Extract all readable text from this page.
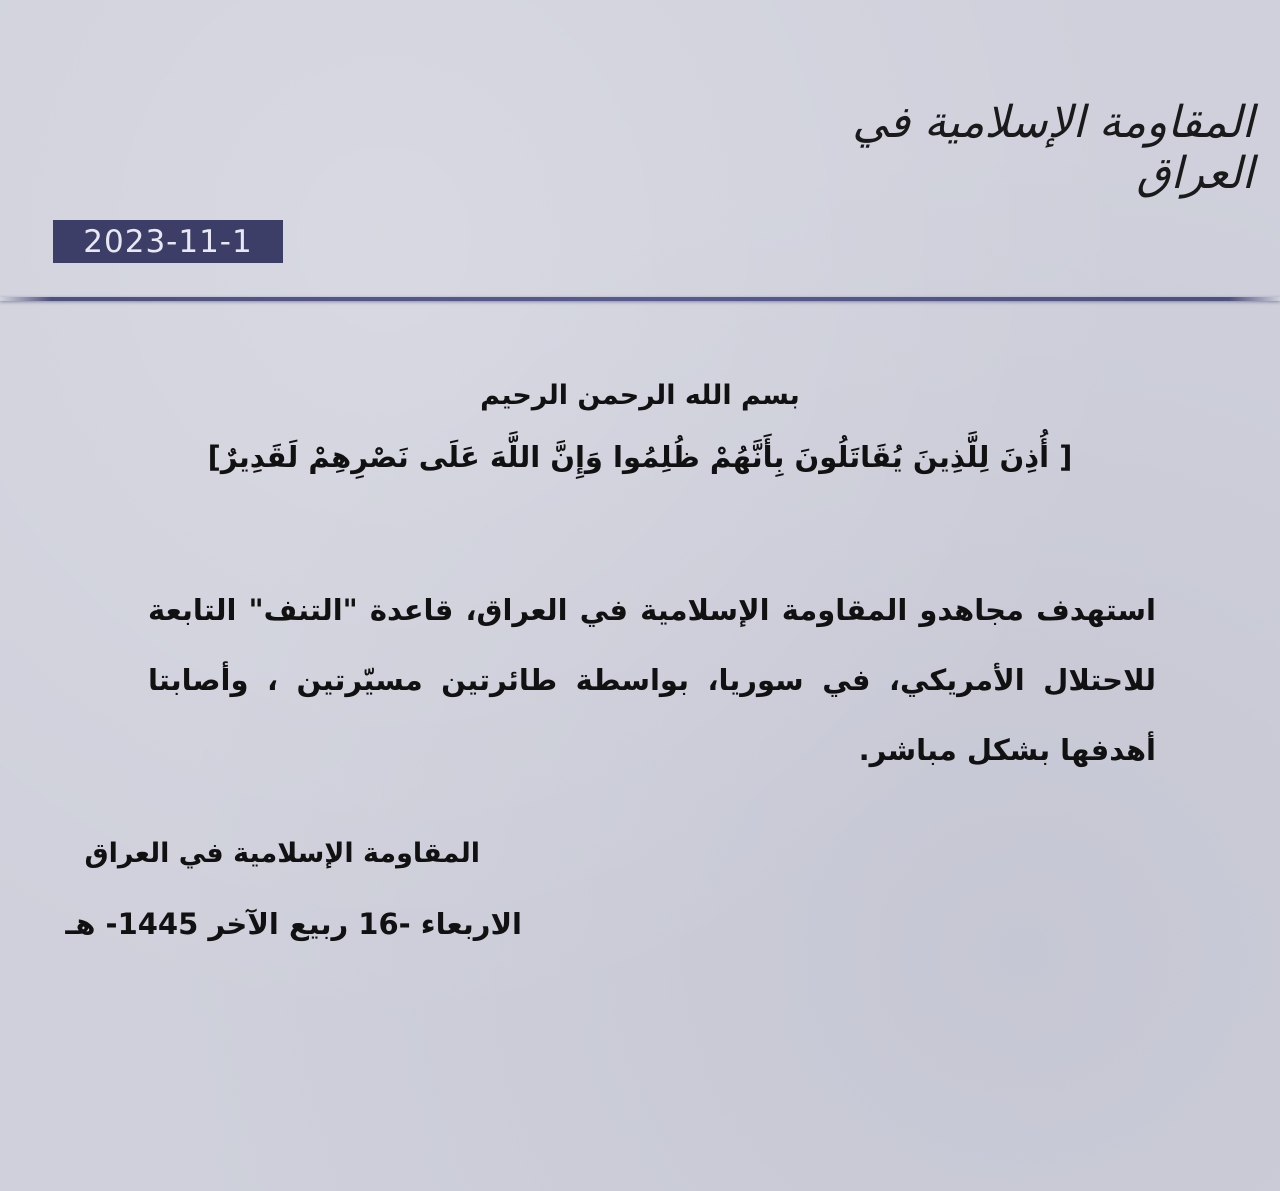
المقاومة الإسلامية في العراق
2023-11-1
بسم الله الرحمن الرحيم
[ أُذِنَ لِلَّذِينَ يُقَاتَلُونَ بِأَنَّهُمْ ظُلِمُوا وَإِنَّ اللَّهَ عَلَى نَصْرِهِمْ لَقَدِيرٌ]
استهدف مجاهدو المقاومة الإسلامية في العراق، قاعدة "التنف" التابعة للاحتلال الأمريكي، في سوريا، بواسطة طائرتين مسيّرتين ، وأصابتا أهدفها بشكل مباشر.
المقاومة الإسلامية في العراق
الاربعاء -16 ربيع الآخر 1445- هـ
